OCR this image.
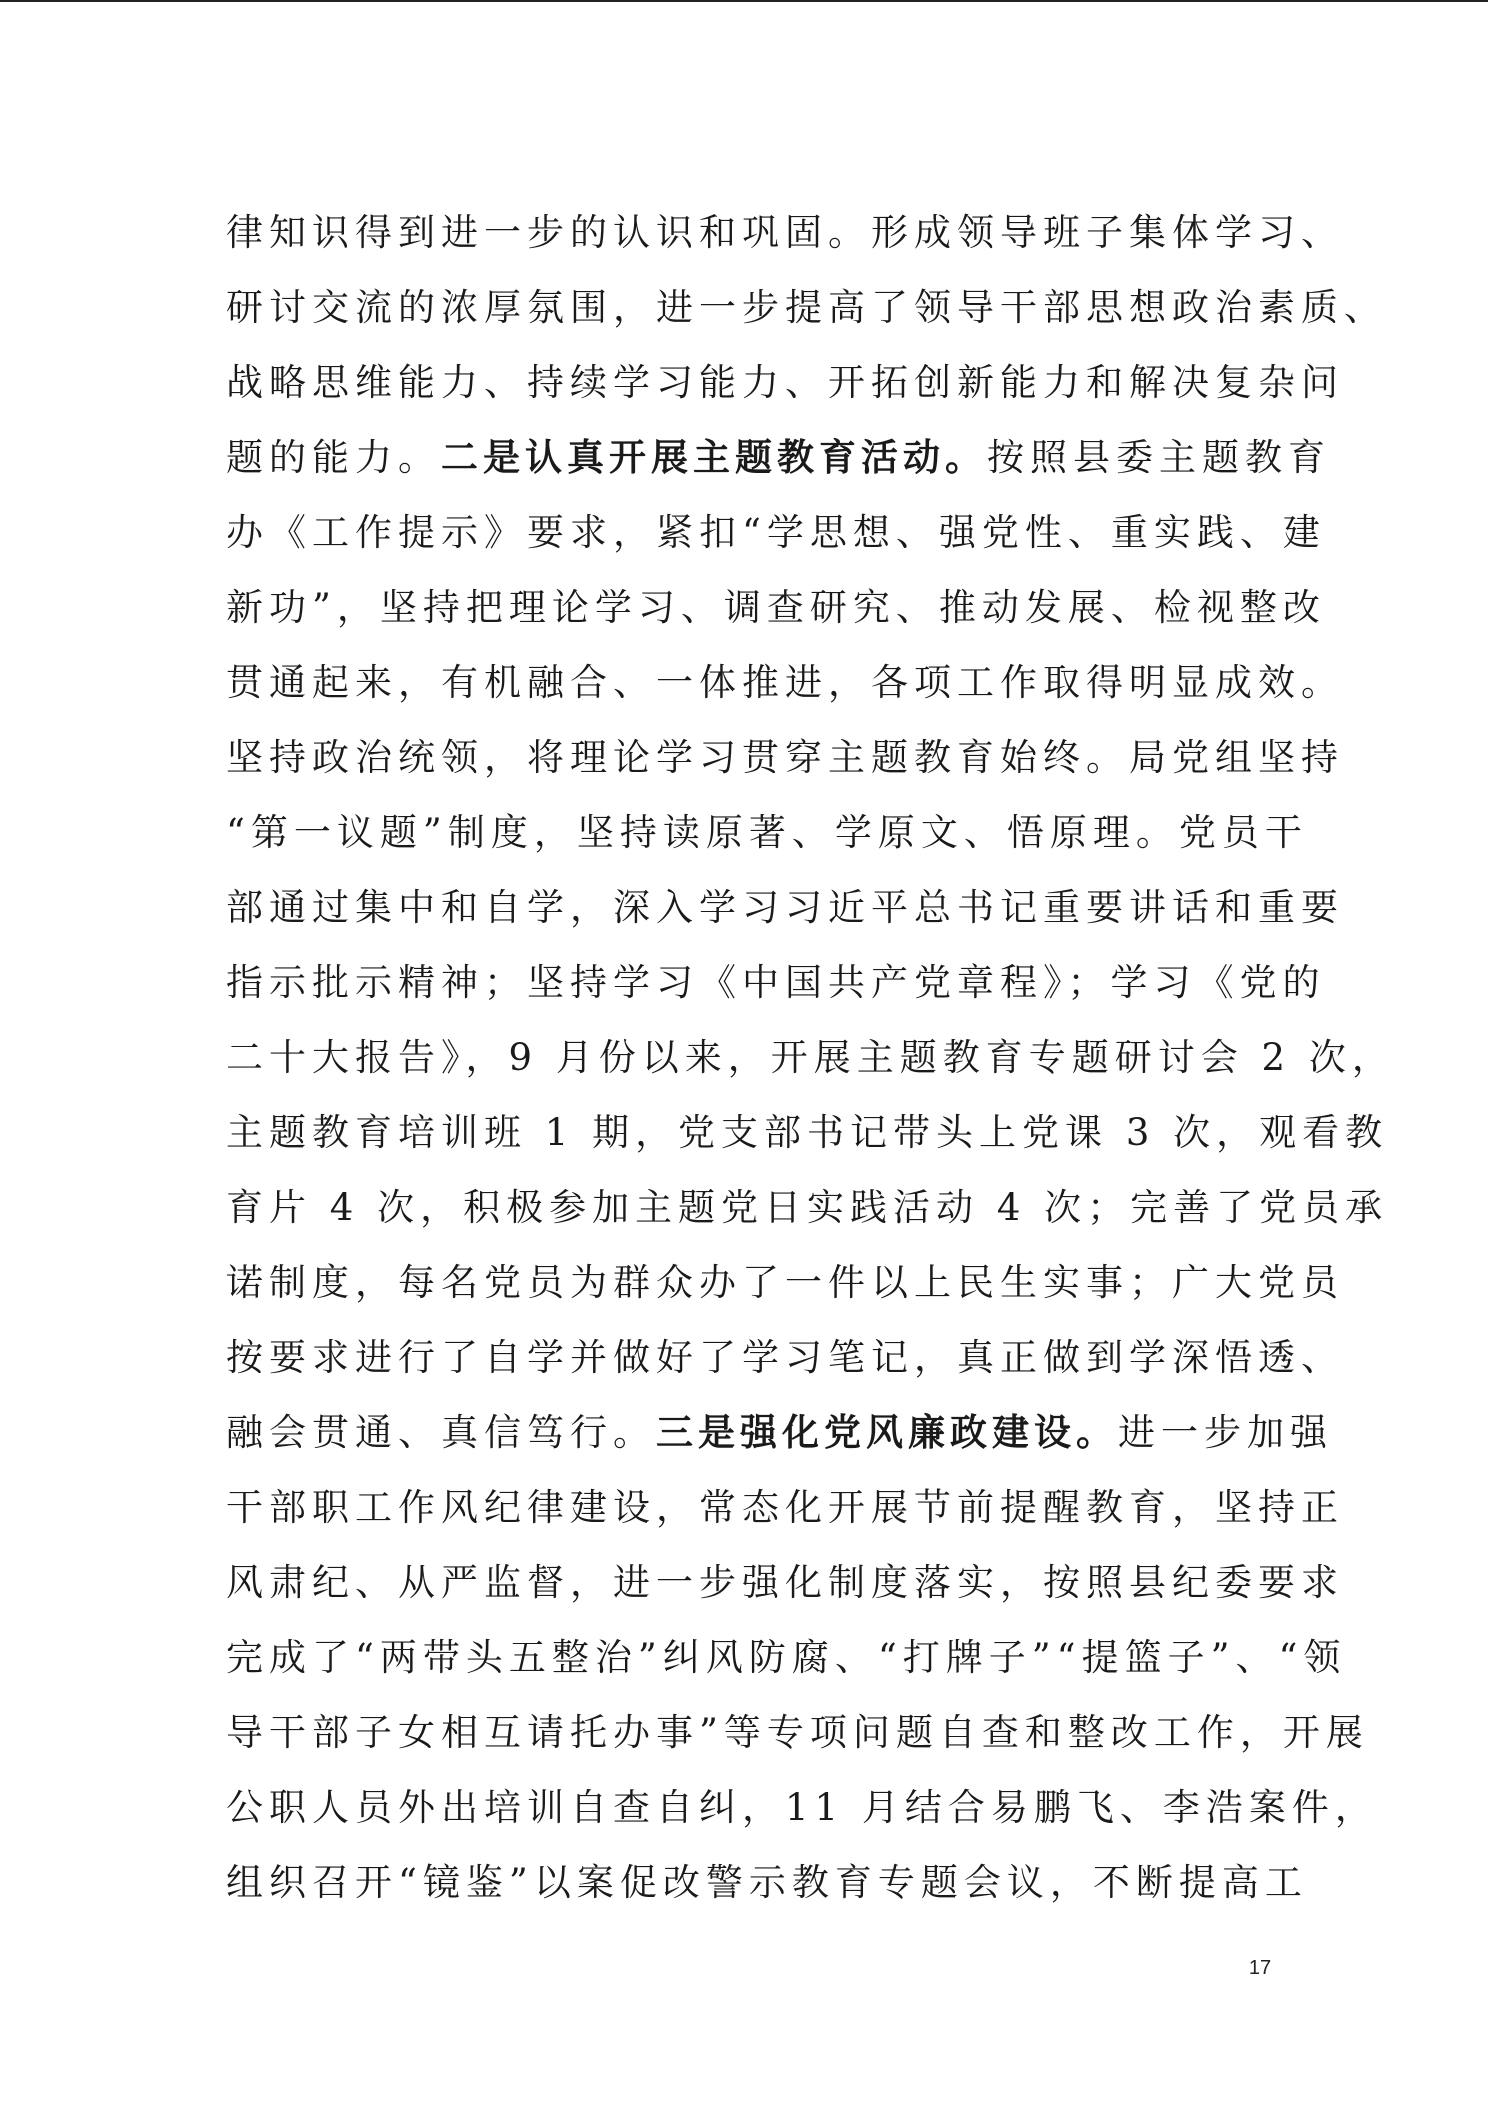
律知识得到进一步的认识和巩固。形成领导班子集体学习、
研讨交流的浓厚氛围，进一步提高了领导干部思想政治素质、
战略思维能力、持续学习能力、开拓创新能力和解决复杂问
题的能力。二是认真开展主题教育活动。按照县委主题教育
办《工作提示》要求，紧扣“学思想、强党性、重实践、建
新功”，坚持把理论学习、调查研究、推动发展、检视整改
贯通起来，有机融合、一体推进，各项工作取得明显成效。
坚持政治统领，将理论学习贯穿主题教育始终。局党组坚持
“第一议题”制度，坚持读原著、学原文、悟原理。党员干
部通过集中和自学，深入学习习近平总书记重要讲话和重要
指示批示精神；坚持学习《中国共产党章程》；学习《党的
二十大报告》，9 月份以来，开展主题教育专题研讨会 2 次，
主题教育培训班 1 期，党支部书记带头上党课 3 次，观看教
育片 4 次，积极参加主题党日实践活动 4 次；完善了党员承
诺制度，每名党员为群众办了一件以上民生实事；广大党员
按要求进行了自学并做好了学习笔记，真正做到学深悟透、
融会贯通、真信笃行。三是强化党风廉政建设。进一步加强
干部职工作风纪律建设，常态化开展节前提醒教育，坚持正
风肃纪、从严监督，进一步强化制度落实，按照县纪委要求
完成了“两带头五整治”纠风防腐、“打牌子”“提篮子”、“领
导干部子女相互请托办事”等专项问题自查和整改工作，开展
公职人员外出培训自查自纠，11 月结合易鹏飞、李浩案件，
组织召开“镜鉴”以案促改警示教育专题会议，不断提高工
17
